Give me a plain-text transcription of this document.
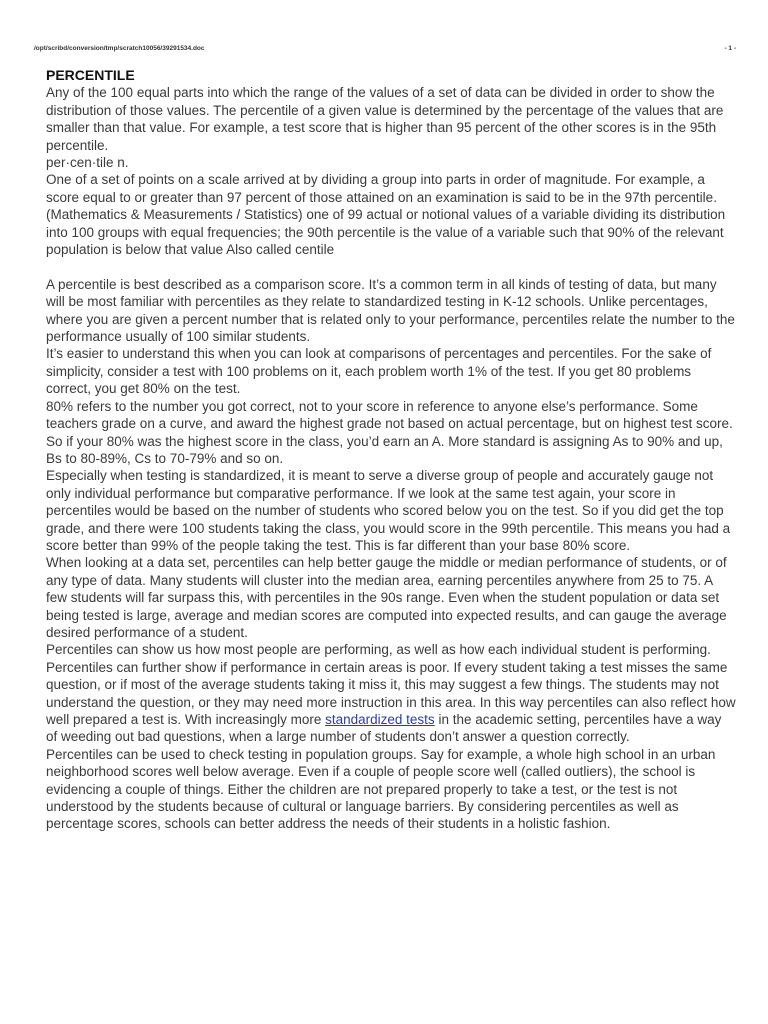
/opt/scribd/conversion/tmp/scratch10056/39291534.doc	- 1 -

PERCENTILE

Any of the 100 equal parts into which the range of the values of a set of data can be divided in order to show the distribution of those values. The percentile of a given value is determined by the percentage of the values that are smaller than that value. For example, a test score that is higher than 95 percent of the other scores is in the 95th percentile.

per·cen·tile n.

One of a set of points on a scale arrived at by dividing a group into parts in order of magnitude. For example, a score equal to or greater than 97 percent of those attained on an examination is said to be in the 97th percentile.

(Mathematics & Measurements / Statistics) one of 99 actual or notional values of a variable dividing its distribution into 100 groups with equal frequencies; the 90th percentile is the value of a variable such that 90% of the relevant population is below that value Also called centile

A percentile is best described as a comparison score. It’s a common term in all kinds of testing of data, but many will be most familiar with percentiles as they relate to standardized testing in K-12 schools. Unlike percentages, where you are given a percent number that is related only to your performance, percentiles relate the number to the performance usually of 100 similar students.

It’s easier to understand this when you can look at comparisons of percentages and percentiles. For the sake of simplicity, consider a test with 100 problems on it, each problem worth 1% of the test. If you get 80 problems correct, you get 80% on the test.

80% refers to the number you got correct, not to your score in reference to anyone else’s performance. Some teachers grade on a curve, and award the highest grade not based on actual percentage, but on highest test score. So if your 80% was the highest score in the class, you’d earn an A. More standard is assigning As to 90% and up, Bs to 80-89%, Cs to 70-79% and so on.

Especially when testing is standardized, it is meant to serve a diverse group of people and accurately gauge not only individual performance but comparative performance. If we look at the same test again, your score in percentiles would be based on the number of students who scored below you on the test. So if you did get the top grade, and there were 100 students taking the class, you would score in the 99th percentile. This means you had a score better than 99% of the people taking the test. This is far different than your base 80% score.

When looking at a data set, percentiles can help better gauge the middle or median performance of students, or of any type of data. Many students will cluster into the median area, earning percentiles anywhere from 25 to 75. A few students will far surpass this, with percentiles in the 90s range. Even when the student population or data set being tested is large, average and median scores are computed into expected results, and can gauge the average desired performance of a student.

Percentiles can show us how most people are performing, as well as how each individual student is performing.

Percentiles can further show if performance in certain areas is poor. If every student taking a test misses the same question, or if most of the average students taking it miss it, this may suggest a few things. The students may not understand the question, or they may need more instruction in this area. In this way percentiles can also reflect how well prepared a test is. With increasingly more standardized tests in the academic setting, percentiles have a way of weeding out bad questions, when a large number of students don’t answer a question correctly.

Percentiles can be used to check testing in population groups. Say for example, a whole high school in an urban neighborhood scores well below average. Even if a couple of people score well (called outliers), the school is evidencing a couple of things. Either the children are not prepared properly to take a test, or the test is not understood by the students because of cultural or language barriers. By considering percentiles as well as percentage scores, schools can better address the needs of their students in a holistic fashion.
